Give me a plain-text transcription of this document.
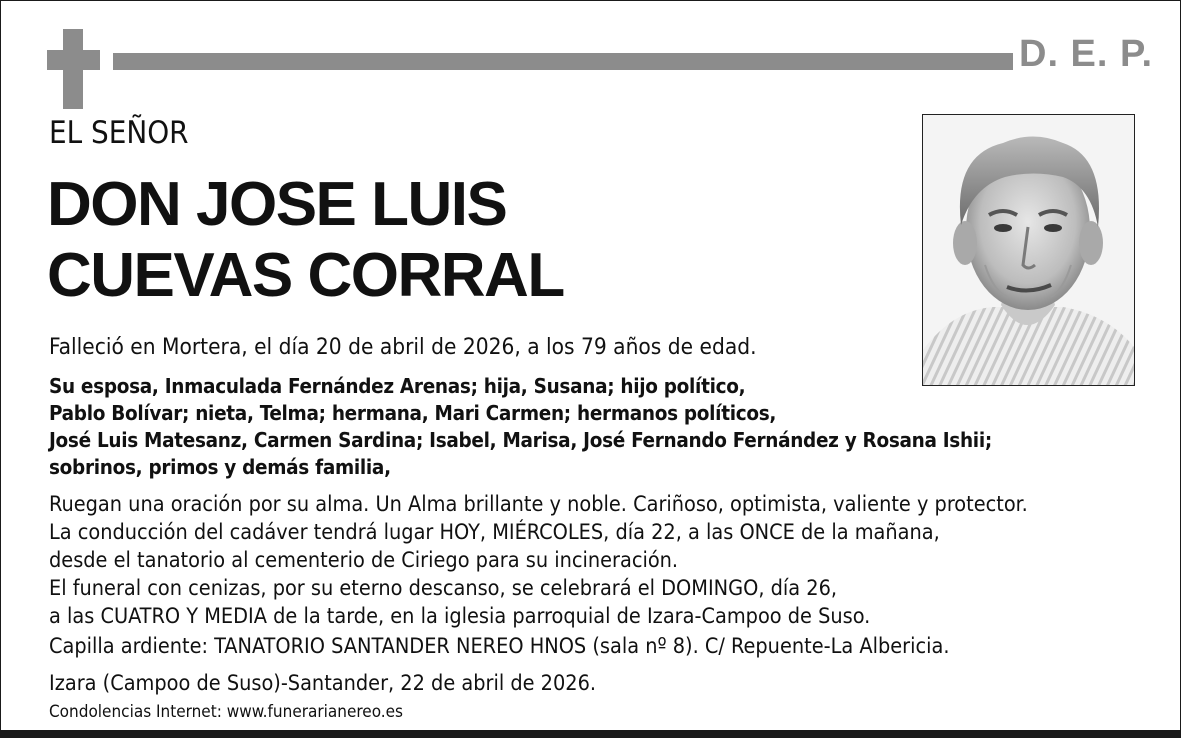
D. E. P.
EL SEÑOR
DON JOSE LUIS
CUEVAS CORRAL

Falleció en Mortera, el día 20 de abril de 2026, a los 79 años de edad.

Su esposa, Inmaculada Fernández Arenas; hija, Susana; hijo político,
Pablo Bolívar; nieta, Telma; hermana, Mari Carmen; hermanos políticos,
José Luis Matesanz, Carmen Sardina; Isabel, Marisa, José Fernando Fernández y Rosana Ishii;
sobrinos, primos y demás familia,

Ruegan una oración por su alma. Un Alma brillante y noble. Cariñoso, optimista, valiente y protector.
La conducción del cadáver tendrá lugar HOY, MIÉRCOLES, día 22, a las ONCE de la mañana,
desde el tanatorio al cementerio de Ciriego para su incineración.
El funeral con cenizas, por su eterno descanso, se celebrará el DOMINGO, día 26,
a las CUATRO Y MEDIA de la tarde, en la iglesia parroquial de Izara-Campoo de Suso.

Capilla ardiente: TANATORIO SANTANDER NEREO HNOS (sala nº 8). C/ Repuente-La Albericia.

Izara (Campoo de Suso)-Santander, 22 de abril de 2026.

Condolencias Internet: www.funerarianereo.es
